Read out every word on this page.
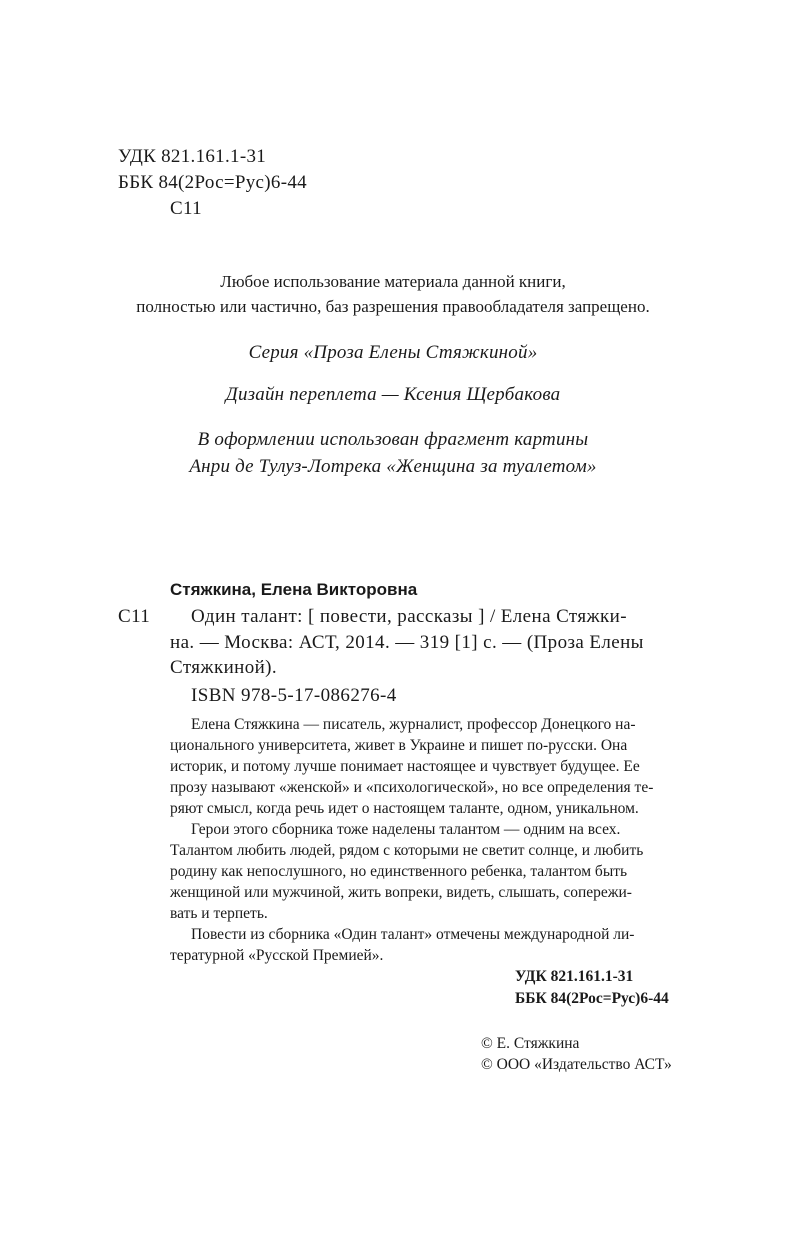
УДК 821.161.1-31
ББК 84(2Рос=Рус)6-44
С11
Любое использование материала данной книги,
полностью или частично, баз разрешения правообладателя запрещено.
Серия «Проза Елены Стяжкиной»
Дизайн переплета — Ксения Щербакова
В оформлении использован фрагмент картины
Анри де Тулуз-Лотрека «Женщина за туалетом»
Стяжкина, Елена Викторовна
С11 Один талант: [ повести, рассказы ] / Елена Стяжки-
на. — Москва: АСТ, 2014. — 319 [1] с. — (Проза Елены
Стяжкиной).
ISBN 978-5-17-086276-4
Елена Стяжкина — писатель, журналист, профессор Донецкого на-
ционального университета, живет в Украине и пишет по-русски. Она
историк, и потому лучше понимает настоящее и чувствует будущее. Ее
прозу называют «женской» и «психологической», но все определения те-
ряют смысл, когда речь идет о настоящем таланте, одном, уникальном.
Герои этого сборника тоже наделены талантом — одним на всех.
Талантом любить людей, рядом с которыми не светит солнце, и любить
родину как непослушного, но единственного ребенка, талантом быть
женщиной или мужчиной, жить вопреки, видеть, слышать, сопережи-
вать и терпеть.
Повести из сборника «Один талант» отмечены международной ли-
тературной «Русской Премией».
УДК 821.161.1-31
ББК 84(2Рос=Рус)6-44
© Е. Стяжкина
© ООО «Издательство АСТ»
